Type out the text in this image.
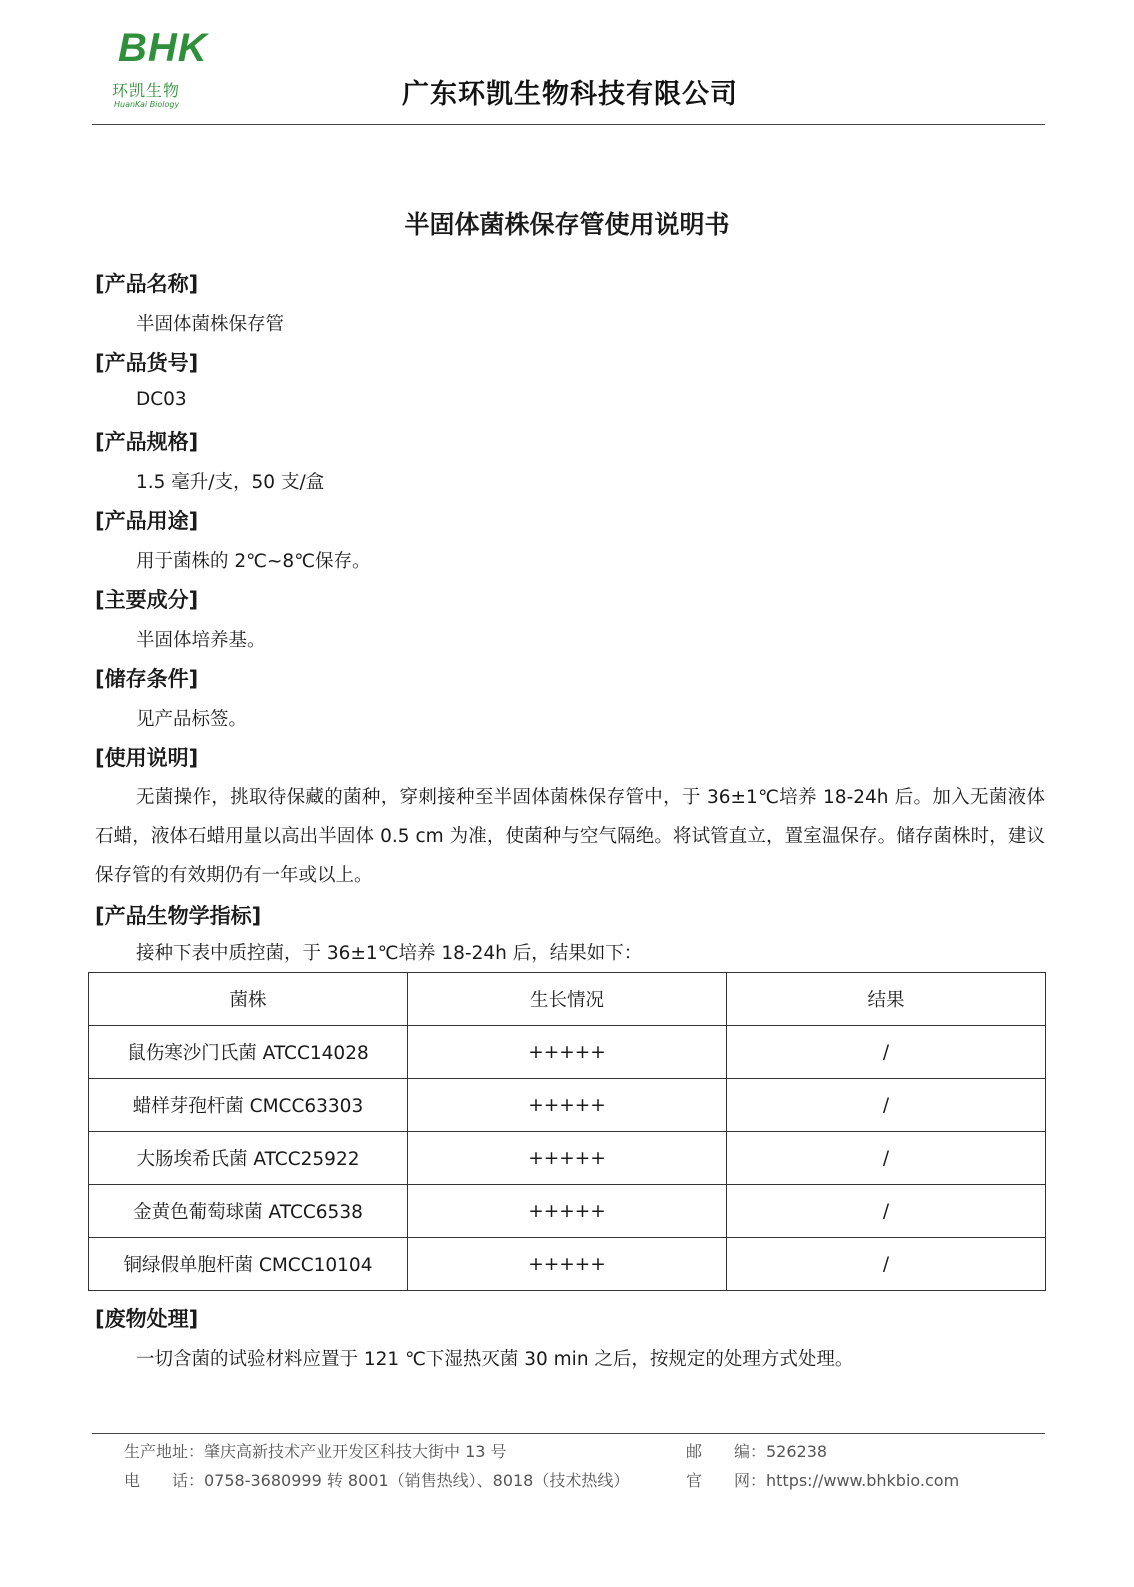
BHK
环凯生物
HuanKai Biology	广东环凯生物科技有限公司
半固体菌株保存管使用说明书
[产品名称]
半固体菌株保存管
[产品货号]
DC03
[产品规格]
1.5 毫升/支，50 支/盒
[产品用途]
用于菌株的 2℃~8℃保存。
[主要成分]
半固体培养基。
[储存条件]
见产品标签。
[使用说明]
无菌操作，挑取待保藏的菌种，穿刺接种至半固体菌株保存管中，于 36±1℃培养 18-24h 后。加入无菌液体石蜡，液体石蜡用量以高出半固体 0.5 cm 为准，使菌种与空气隔绝。将试管直立，置室温保存。储存菌株时，建议保存管的有效期仍有一年或以上。
[产品生物学指标]
接种下表中质控菌，于 36±1℃培养 18-24h 后，结果如下：
菌株	生长情况	结果
鼠伤寒沙门氏菌 ATCC14028	+++++	/
蜡样芽孢杆菌 CMCC63303	+++++	/
大肠埃希氏菌 ATCC25922	+++++	/
金黄色葡萄球菌 ATCC6538	+++++	/
铜绿假单胞杆菌 CMCC10104	+++++	/
[废物处理]
一切含菌的试验材料应置于 121 ℃下湿热灭菌 30 min 之后，按规定的处理方式处理。
生产地址：肇庆高新技术产业开发区科技大街中 13 号
电　　话：0758-3680999 转 8001（销售热线）、8018（技术热线）
邮　　编：526238
官　　网：https://www.bhkbio.com
